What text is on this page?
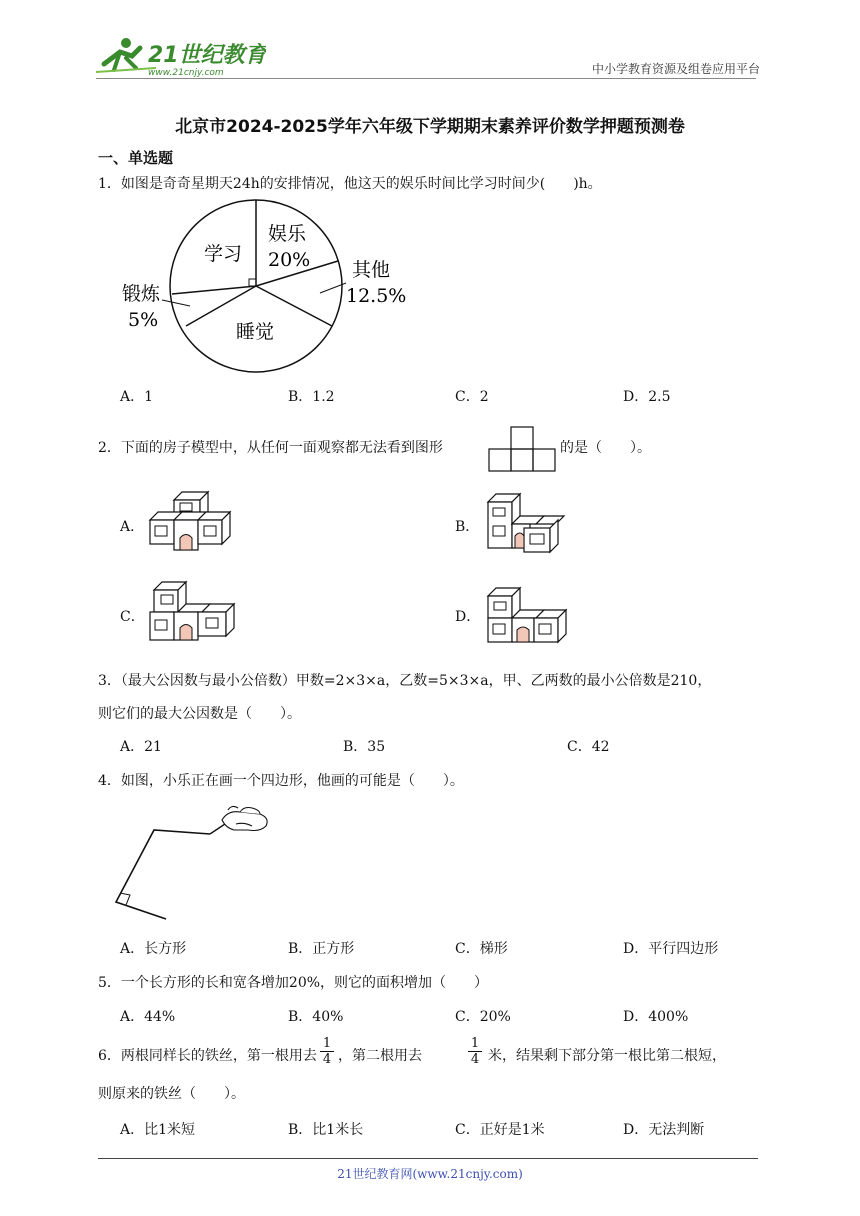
21世纪教育
www.21cnjy.com	中小学教育资源及组卷应用平台
北京市2024-2025学年六年级下学期期末素养评价数学押题预测卷
一、单选题
1．如图是奇奇星期天24h的安排情况，他这天的娱乐时间比学习时间少(　　)h。
学习
娱乐
20% 其他
12.5%
锻炼
5%
睡觉
A．1	B．1.2	C．2	D．2.5
2．下面的房子模型中，从任何一面观察都无法看到图形	的是（　　）。
A．	B．
C．	D．
3．（最大公因数与最小公倍数）甲数=2×3×a，乙数=5×3×a，甲、乙两数的最小公倍数是210，
则它们的最大公因数是（　　）。
A．21	B．35	C．42
4．如图，小乐正在画一个四边形，他画的可能是（　　）。
A．长方形	B．正方形	C．梯形	D．平行四边形
5．一个长方形的长和宽各增加20%，则它的面积增加（　　）
A．44%	B．40%	C．20%	D．400%
6．两根同样长的铁丝，第一根用去 $\frac{1}{4}$ ，第二根用去	$\frac{1}{4}$ 米，结果剩下部分第一根比第二根短，
则原来的铁丝（　　）。
A．比1米短	B．比1米长	C．正好是1米	D．无法判断
21世纪教育网(www.21cnjy.com)
